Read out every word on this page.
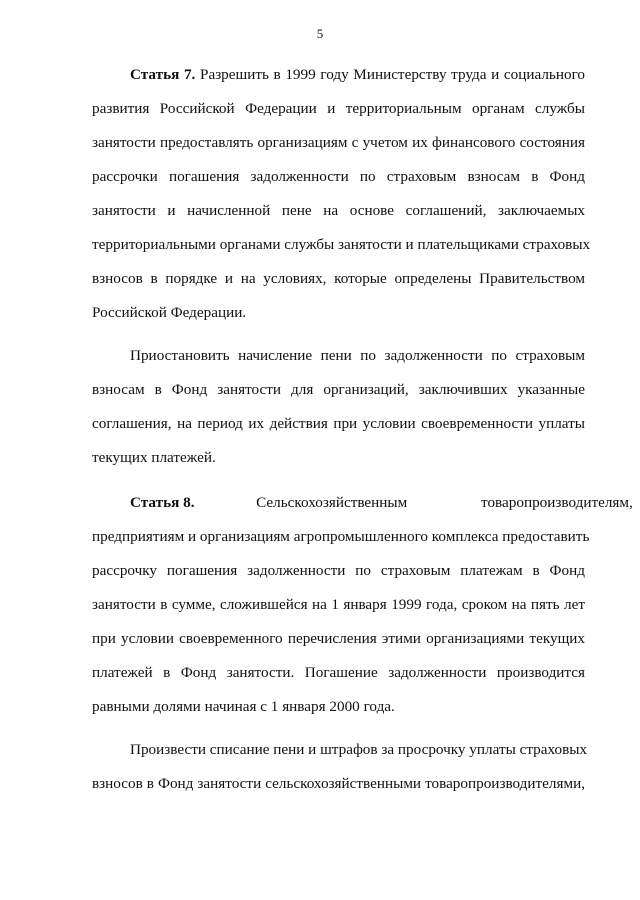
5
Статья 7. Разрешить в 1999 году Министерству труда и социального
развития Российской Федерации и территориальным органам службы
занятости предоставлять организациям с учетом их финансового состояния
рассрочки погашения задолженности по страховым взносам в Фонд
занятости и начисленной пене на основе соглашений, заключаемых
территориальными органами службы занятости и плательщиками страховых
взносов в порядке и на условиях, которые определены Правительством
Российской Федерации.
Приостановить начисление пени по задолженности по страховым
взносам в Фонд занятости для организаций, заключивших указанные
соглашения, на период их действия при условии своевременности уплаты
текущих платежей.
Статья 8.	Сельскохозяйственным товаропроизводителям,
предприятиям и организациям агропромышленного комплекса предоставить
рассрочку погашения задолженности по страховым платежам в Фонд
занятости в сумме, сложившейся на 1 января 1999 года, сроком на пять лет
при условии своевременного перечисления этими организациями текущих
платежей в Фонд занятости. Погашение задолженности производится
равными долями начиная с 1 января 2000 года.
Произвести списание пени и штрафов за просрочку уплаты страховых
взносов в Фонд занятости сельскохозяйственными товаропроизводителями,
